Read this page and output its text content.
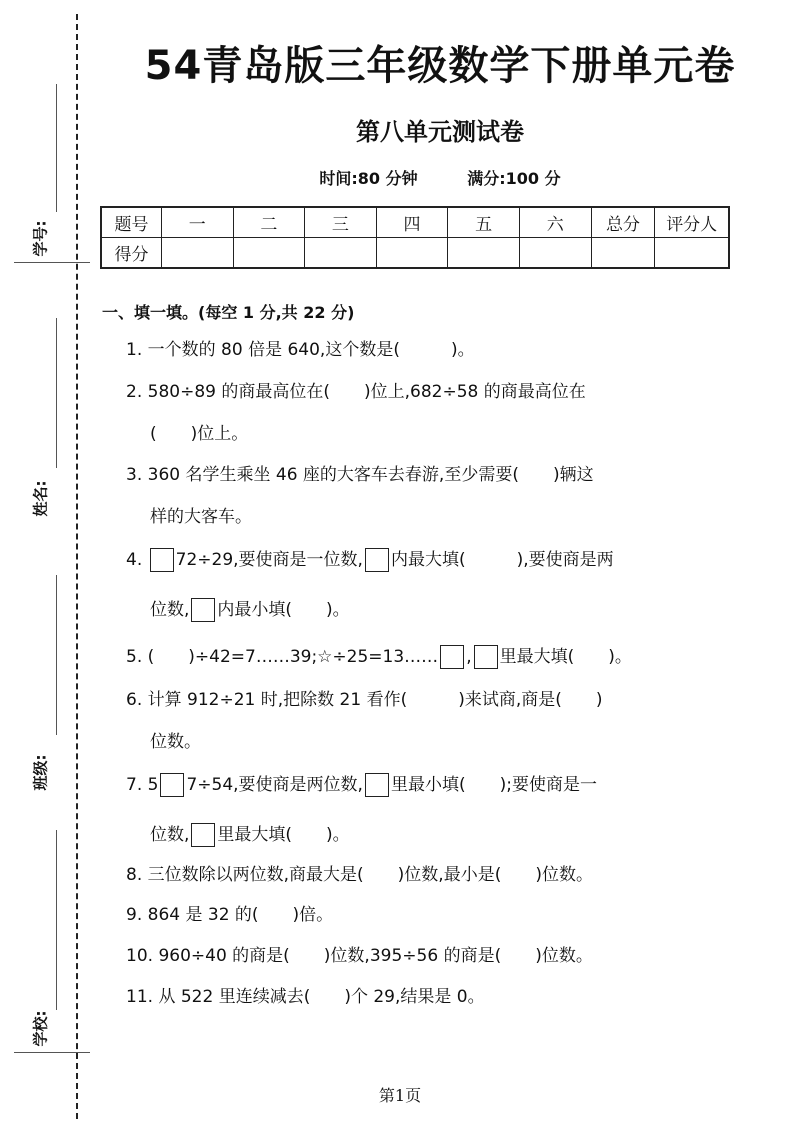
学号:
姓名:
班级:
学校:
54青岛版三年级数学下册单元卷
第八单元测试卷
时间:80 分钟	满分:100 分
题号	一	二	三	四	五	六	总分	评分人
得分								
一、填一填。(每空 1 分,共 22 分)
1. 一个数的 80 倍是 640,这个数是(　　　)。
2. 580÷89 的商最高位在(　　)位上,682÷58 的商最高位在
(　　)位上。
3. 360 名学生乘坐 46 座的大客车去春游,至少需要(　　)辆这
样的大客车。
4. 72÷29,要使商是一位数, 内最大填(　　　),要使商是两
位数, 内最小填(　　)。
5. (　　)÷42=7……39;☆÷25=13…… , 里最大填(　　)。
6. 计算 912÷21 时,把除数 21 看作(　　　)来试商,商是(　　)
位数。
7. 5 7÷54,要使商是两位数, 里最小填(　　);要使商是一
位数, 里最大填(　　)。
8. 三位数除以两位数,商最大是(　　)位数,最小是(　　)位数。
9. 864 是 32 的(　　)倍。
10. 960÷40 的商是(　　)位数,395÷56 的商是(　　)位数。
11. 从 522 里连续减去(　　)个 29,结果是 0。
第1页
